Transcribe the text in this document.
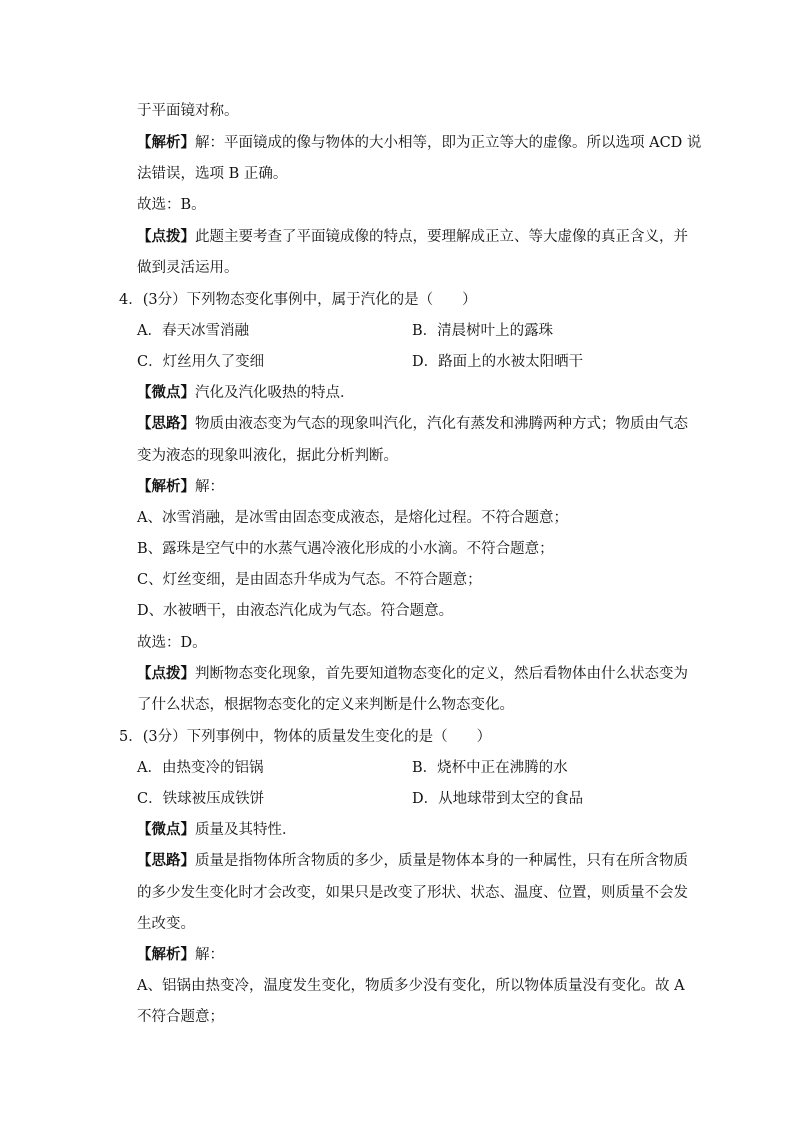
于平面镜对称。
【解析】解：平面镜成的像与物体的大小相等，即为正立等大的虚像。所以选项 ACD 说
法错误，选项 B 正确。
故选：B。
【点拨】此题主要考查了平面镜成像的特点，要理解成正立、等大虚像的真正含义，并
做到灵活运用。
4．(3分）下列物态变化事例中，属于汽化的是（　　）
A．春天冰雪消融	B．清晨树叶上的露珠
C．灯丝用久了变细	D．路面上的水被太阳晒干
【微点】汽化及汽化吸热的特点．
【思路】物质由液态变为气态的现象叫汽化，汽化有蒸发和沸腾两种方式；物质由气态
变为液态的现象叫液化，据此分析判断。
【解析】解：
A、冰雪消融，是冰雪由固态变成液态，是熔化过程。不符合题意；
B、露珠是空气中的水蒸气遇冷液化形成的小水滴。不符合题意；
C、灯丝变细，是由固态升华成为气态。不符合题意；
D、水被晒干，由液态汽化成为气态。符合题意。
故选：D。
【点拨】判断物态变化现象，首先要知道物态变化的定义，然后看物体由什么状态变为
了什么状态，根据物态变化的定义来判断是什么物态变化。
5．(3分）下列事例中，物体的质量发生变化的是（　　）
A．由热变冷的铝锅	B．烧杯中正在沸腾的水
C．铁球被压成铁饼	D．从地球带到太空的食品
【微点】质量及其特性．
【思路】质量是指物体所含物质的多少，质量是物体本身的一种属性，只有在所含物质
的多少发生变化时才会改变，如果只是改变了形状、状态、温度、位置，则质量不会发
生改变。
【解析】解：
A、铝锅由热变冷，温度发生变化，物质多少没有变化，所以物体质量没有变化。故 A
不符合题意；
